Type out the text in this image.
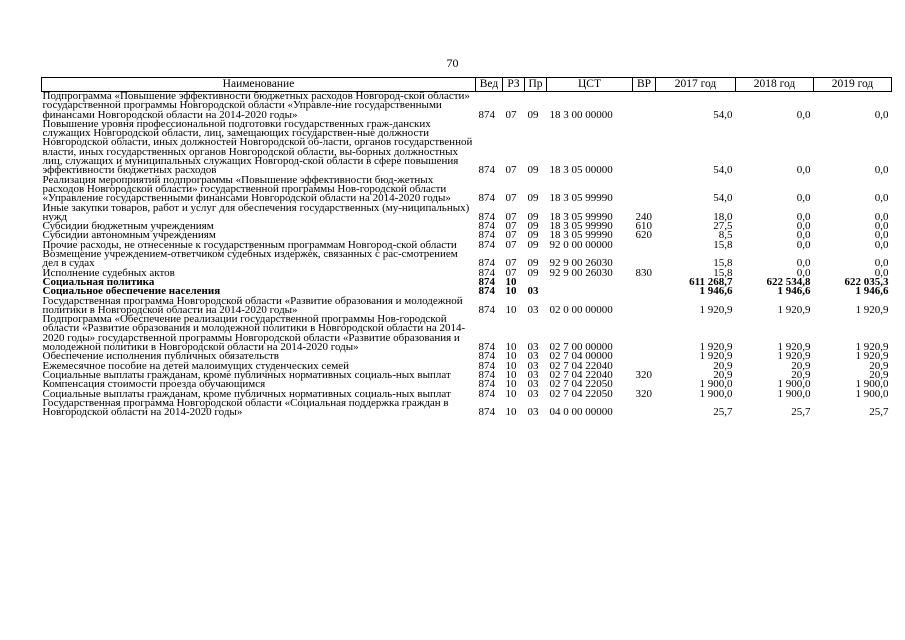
70
Наименование	Вед	РЗ	Пр	ЦСТ	ВР	2017 год	2018 год	2019 год
Подпрограмма «Повышение эффективности бюджетных расходов Новгород-ской области» государственной программы Новгородской области «Управле-ние государственными финансами Новгородской области на 2014-2020 годы»	874	07	09	18 3 00 00000		54,0	0,0	0,0
Повышение уровня профессиональной подготовки государственных граж-данских служащих Новгородской области, лиц, замещающих государствен-ные должности Новгородской области, иных должностей Новгородской об-ласти, органов государственной власти, иных государственных органов Новгородской области, вы-борных должностных лиц, служащих и муниципальных служащих Новгород-ской области в сфере повышения эффективности бюджетных расходов	874	07	09	18 3 05 00000		54,0	0,0	0,0
Реализация мероприятий подпрограммы «Повышение эффективности бюд-жетных расходов Новгородской области» государственной программы Нов-городской области «Управление государственными финансами Новгородской области на 2014-2020 годы»	874	07	09	18 3 05 99990		54,0	0,0	0,0
Иные закупки товаров, работ и услуг для обеспечения государственных (му-ниципальных) нужд	874	07	09	18 3 05 99990	240	18,0	0,0	0,0
Субсидии бюджетным учреждениям	874	07	09	18 3 05 99990	610	27,5	0,0	0,0
Субсидии автономным учреждениям	874	07	09	18 3 05 99990	620	8,5	0,0	0,0
Прочие расходы, не отнесенные к государственным программам Новгород-ской области	874	07	09	92 0 00 00000		15,8	0,0	0,0
Возмещение учреждением-ответчиком судебных издержек, связанных с рас-смотрением дел в судах	874	07	09	92 9 00 26030		15,8	0,0	0,0
Исполнение судебных актов	874	07	09	92 9 00 26030	830	15,8	0,0	0,0
Социальная политика	874	10				611 268,7	622 534,8	622 035,3
Социальное обеспечение населения	874	10	03			1 946,6	1 946,6	1 946,6
Государственная программа Новгородской области «Развитие образования и молодежной политики в Новгородской области на 2014-2020 годы»	874	10	03	02 0 00 00000		1 920,9	1 920,9	1 920,9
Подпрограмма «Обеспечение реализации государственной программы Нов-городской области «Развитие образования и молодежной политики в Новгородской области на 2014-2020 годы» государственной программы Новгородской области «Развитие образования и молодежной политики в Новгородской области на 2014-2020 годы»	874	10	03	02 7 00 00000		1 920,9	1 920,9	1 920,9
Обеспечение исполнения публичных обязательств	874	10	03	02 7 04 00000		1 920,9	1 920,9	1 920,9
Ежемесячное пособие на детей малоимущих студенческих семей	874	10	03	02 7 04 22040		20,9	20,9	20,9
Социальные выплаты гражданам, кроме публичных нормативных социаль-ных выплат	874	10	03	02 7 04 22040	320	20,9	20,9	20,9
Компенсация стоимости проезда обучающимся	874	10	03	02 7 04 22050		1 900,0	1 900,0	1 900,0
Социальные выплаты гражданам, кроме публичных нормативных социаль-ных выплат	874	10	03	02 7 04 22050	320	1 900,0	1 900,0	1 900,0
Государственная программа Новгородской области «Социальная поддержка граждан в Новгородской области на 2014-2020 годы»	874	10	03	04 0 00 00000		25,7	25,7	25,7
